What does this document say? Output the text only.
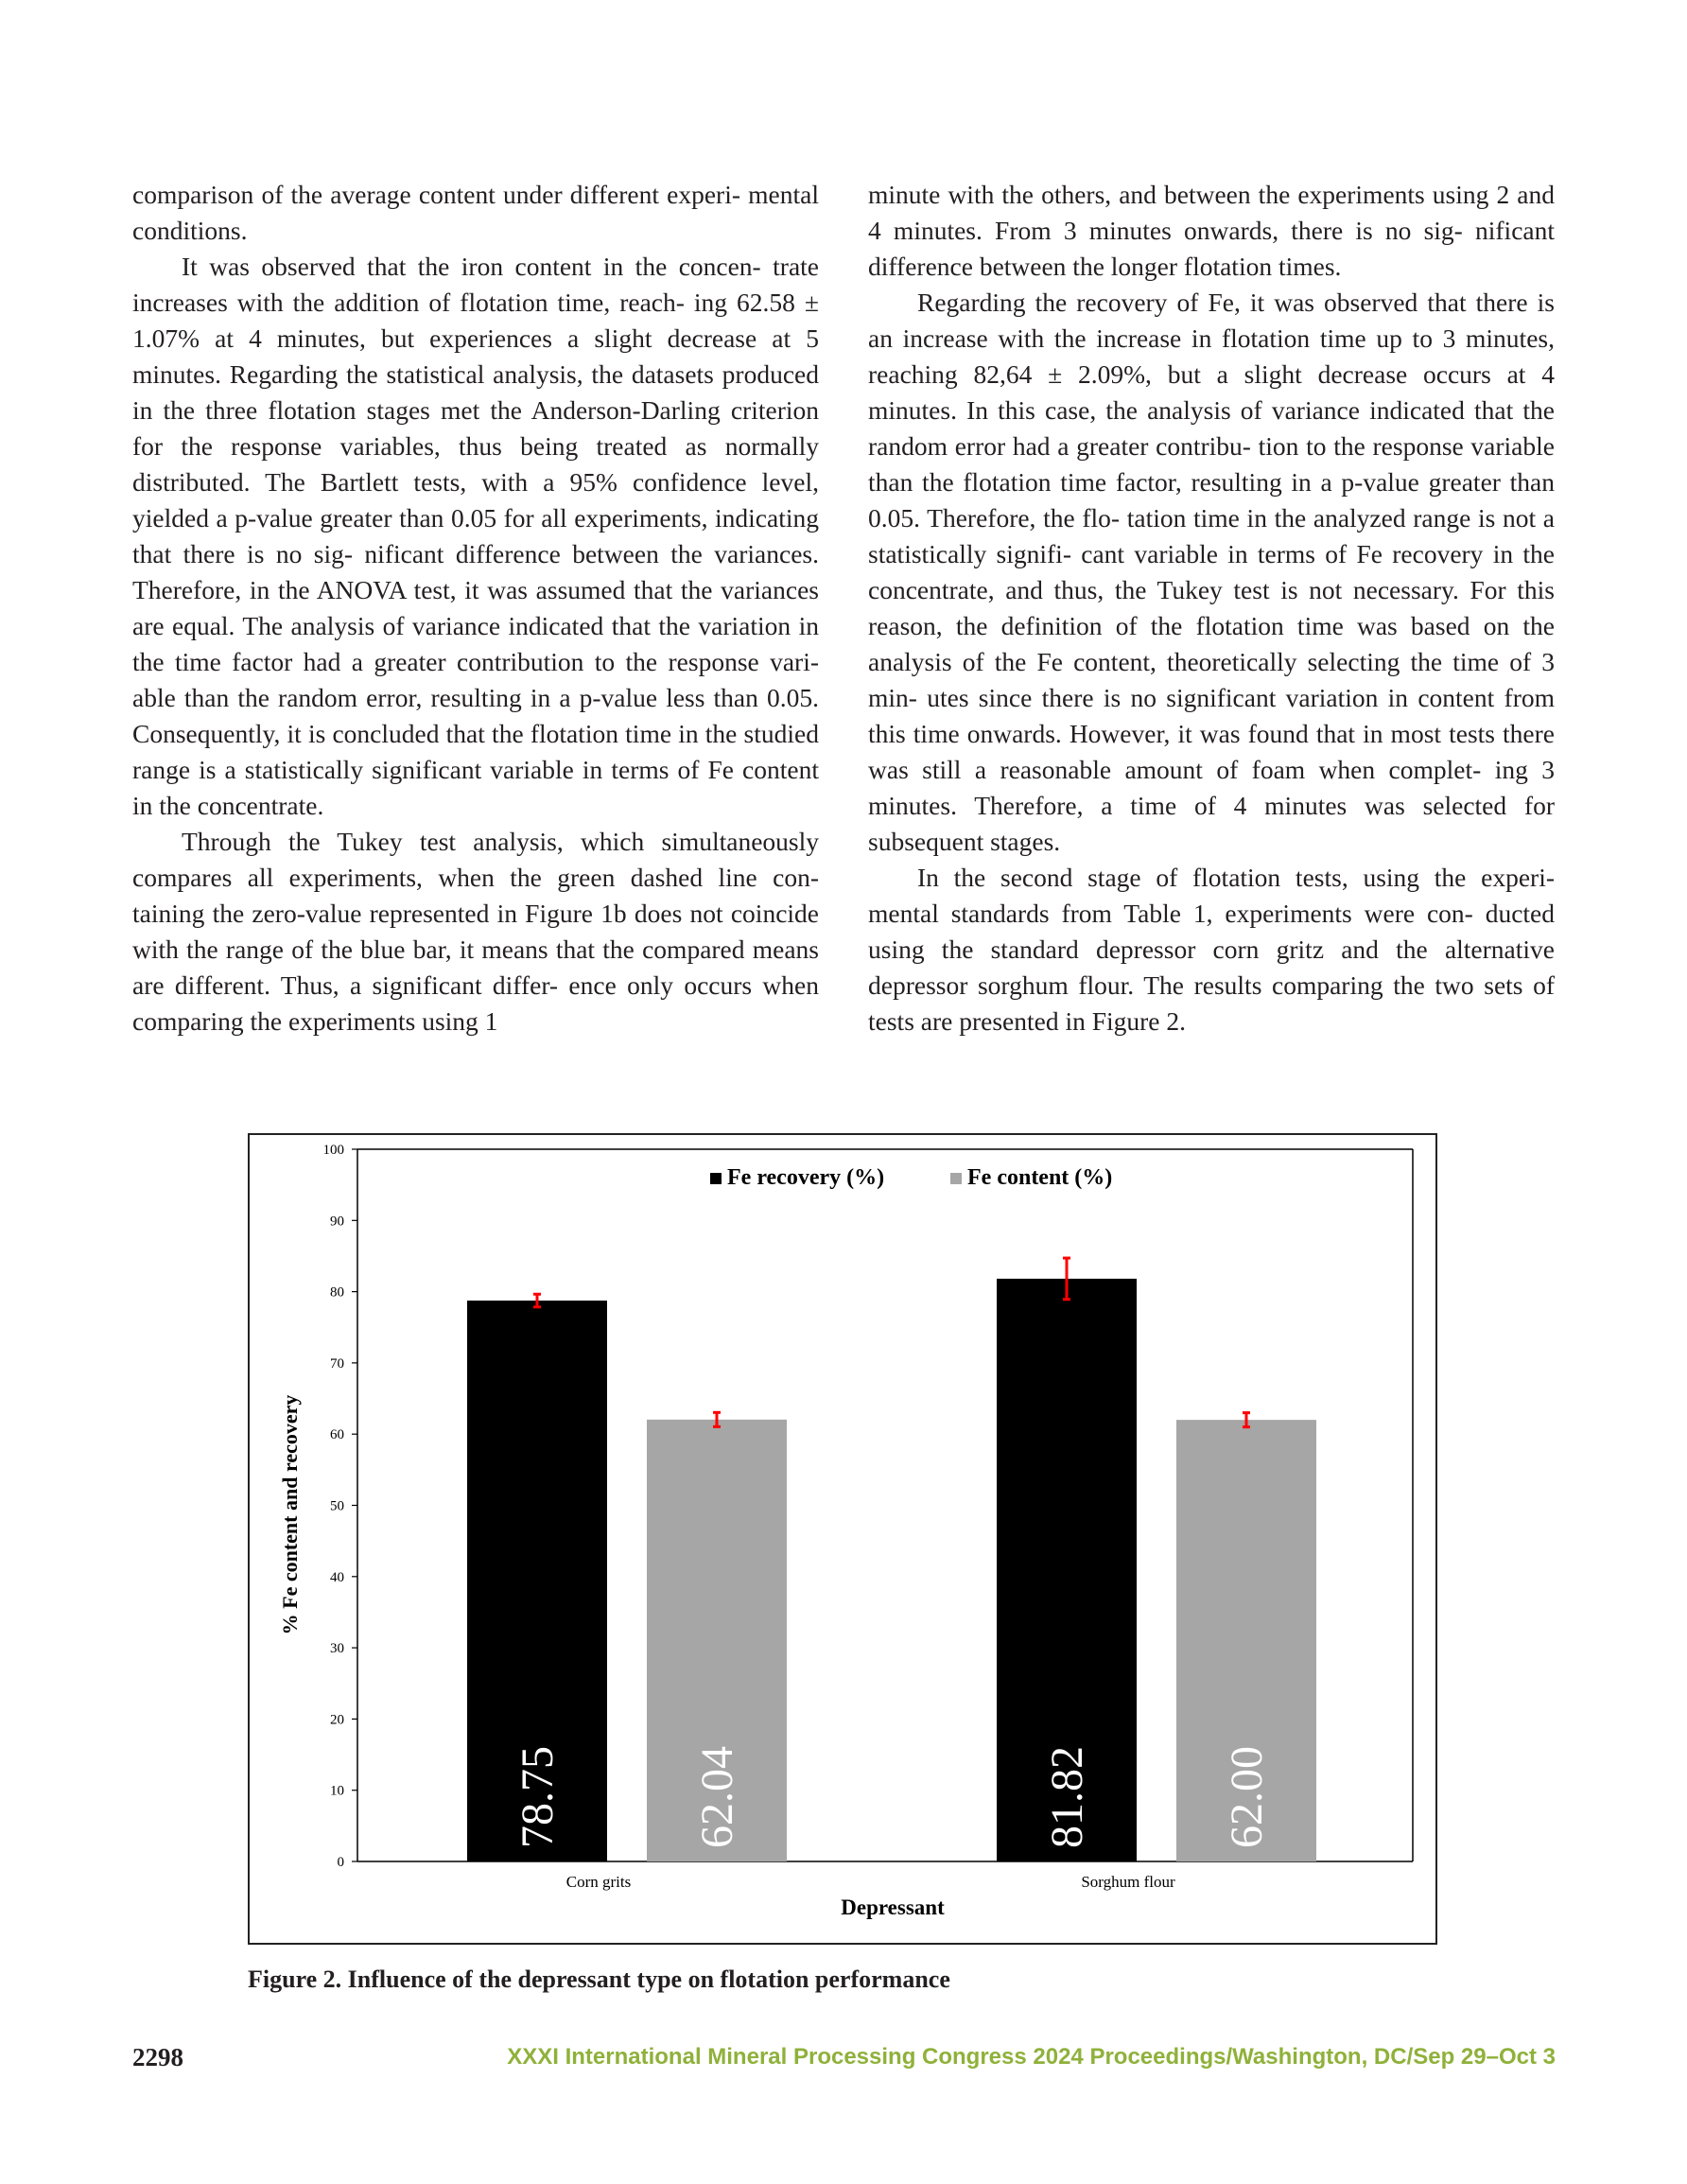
comparison of the average content under different experi- mental conditions.

It was observed that the iron content in the concen- trate increases with the addition of flotation time, reach- ing 62.58 ± 1.07% at 4 minutes, but experiences a slight decrease at 5 minutes. Regarding the statistical analysis, the datasets produced in the three flotation stages met the Anderson-Darling criterion for the response variables, thus being treated as normally distributed. The Bartlett tests, with a 95% confidence level, yielded a p-value greater than 0.05 for all experiments, indicating that there is no sig- nificant difference between the variances. Therefore, in the ANOVA test, it was assumed that the variances are equal. The analysis of variance indicated that the variation in the time factor had a greater contribution to the response vari- able than the random error, resulting in a p-value less than 0.05. Consequently, it is concluded that the flotation time in the studied range is a statistically significant variable in terms of Fe content in the concentrate.

Through the Tukey test analysis, which simultaneously compares all experiments, when the green dashed line con- taining the zero-value represented in Figure 1b does not coincide with the range of the blue bar, it means that the compared means are different. Thus, a significant differ- ence only occurs when comparing the experiments using 1

minute with the others, and between the experiments using 2 and 4 minutes. From 3 minutes onwards, there is no sig- nificant difference between the longer flotation times.

Regarding the recovery of Fe, it was observed that there is an increase with the increase in flotation time up to 3 minutes, reaching 82,64 ± 2.09%, but a slight decrease occurs at 4 minutes. In this case, the analysis of variance indicated that the random error had a greater contribu- tion to the response variable than the flotation time factor, resulting in a p-value greater than 0.05. Therefore, the flo- tation time in the analyzed range is not a statistically signifi- cant variable in terms of Fe recovery in the concentrate, and thus, the Tukey test is not necessary. For this reason, the definition of the flotation time was based on the analysis of the Fe content, theoretically selecting the time of 3 min- utes since there is no significant variation in content from this time onwards. However, it was found that in most tests there was still a reasonable amount of foam when complet- ing 3 minutes. Therefore, a time of 4 minutes was selected for subsequent stages.

In the second stage of flotation tests, using the experi- mental standards from Table 1, experiments were con- ducted using the standard depressor corn gritz and the alternative depressor sorghum flour. The results comparing the two sets of tests are presented in Figure 2.

0
10
20
30
40
50
60
70
80
90
100
% Fe content and recovery
Depressant
78.75	62.04
Corn grits
81.82	62.00
Sorghum flour
Fe recovery (%)	Fe content (%)
Figure 2. Influence of the depressant type on flotation performance
2298	XXXI International Mineral Processing Congress 2024 Proceedings/Washington, DC/Sep 29–Oct 3
